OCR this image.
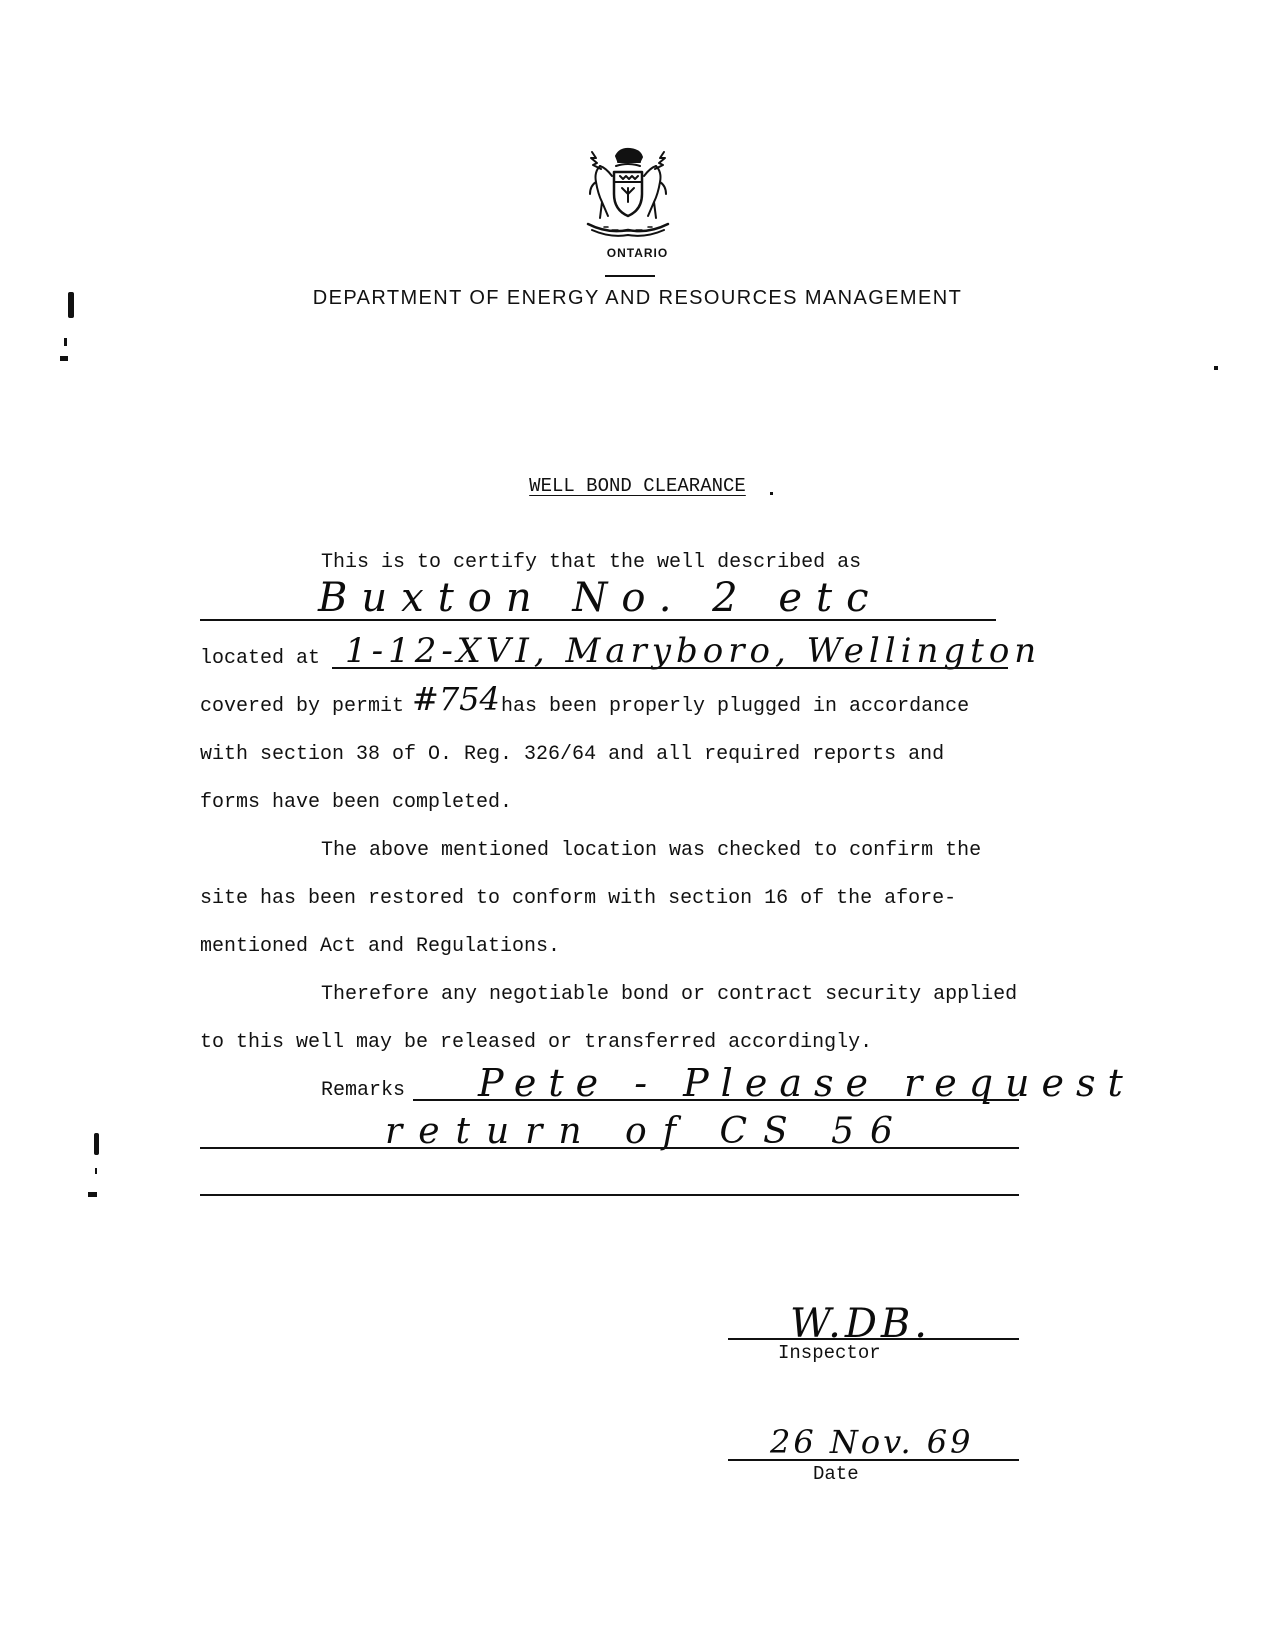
ONTARIO
DEPARTMENT OF ENERGY AND RESOURCES MANAGEMENT
WELL BOND CLEARANCE
This is to certify that the well described as
Buxton No. 2 etc
located at 1-12-XVI, Maryboro, Wellington
covered by permit #754 has been properly plugged in accordance
with section 38 of O. Reg. 326/64 and all required reports and
forms have been completed.
The above mentioned location was checked to confirm the
site has been restored to conform with section 16 of the afore-
mentioned Act and Regulations.
Therefore any negotiable bond or contract security applied
to this well may be released or transferred accordingly.
Remarks Pete - Please request
return of CS 56
W.DB.
Inspector
26 Nov. 69
Date
